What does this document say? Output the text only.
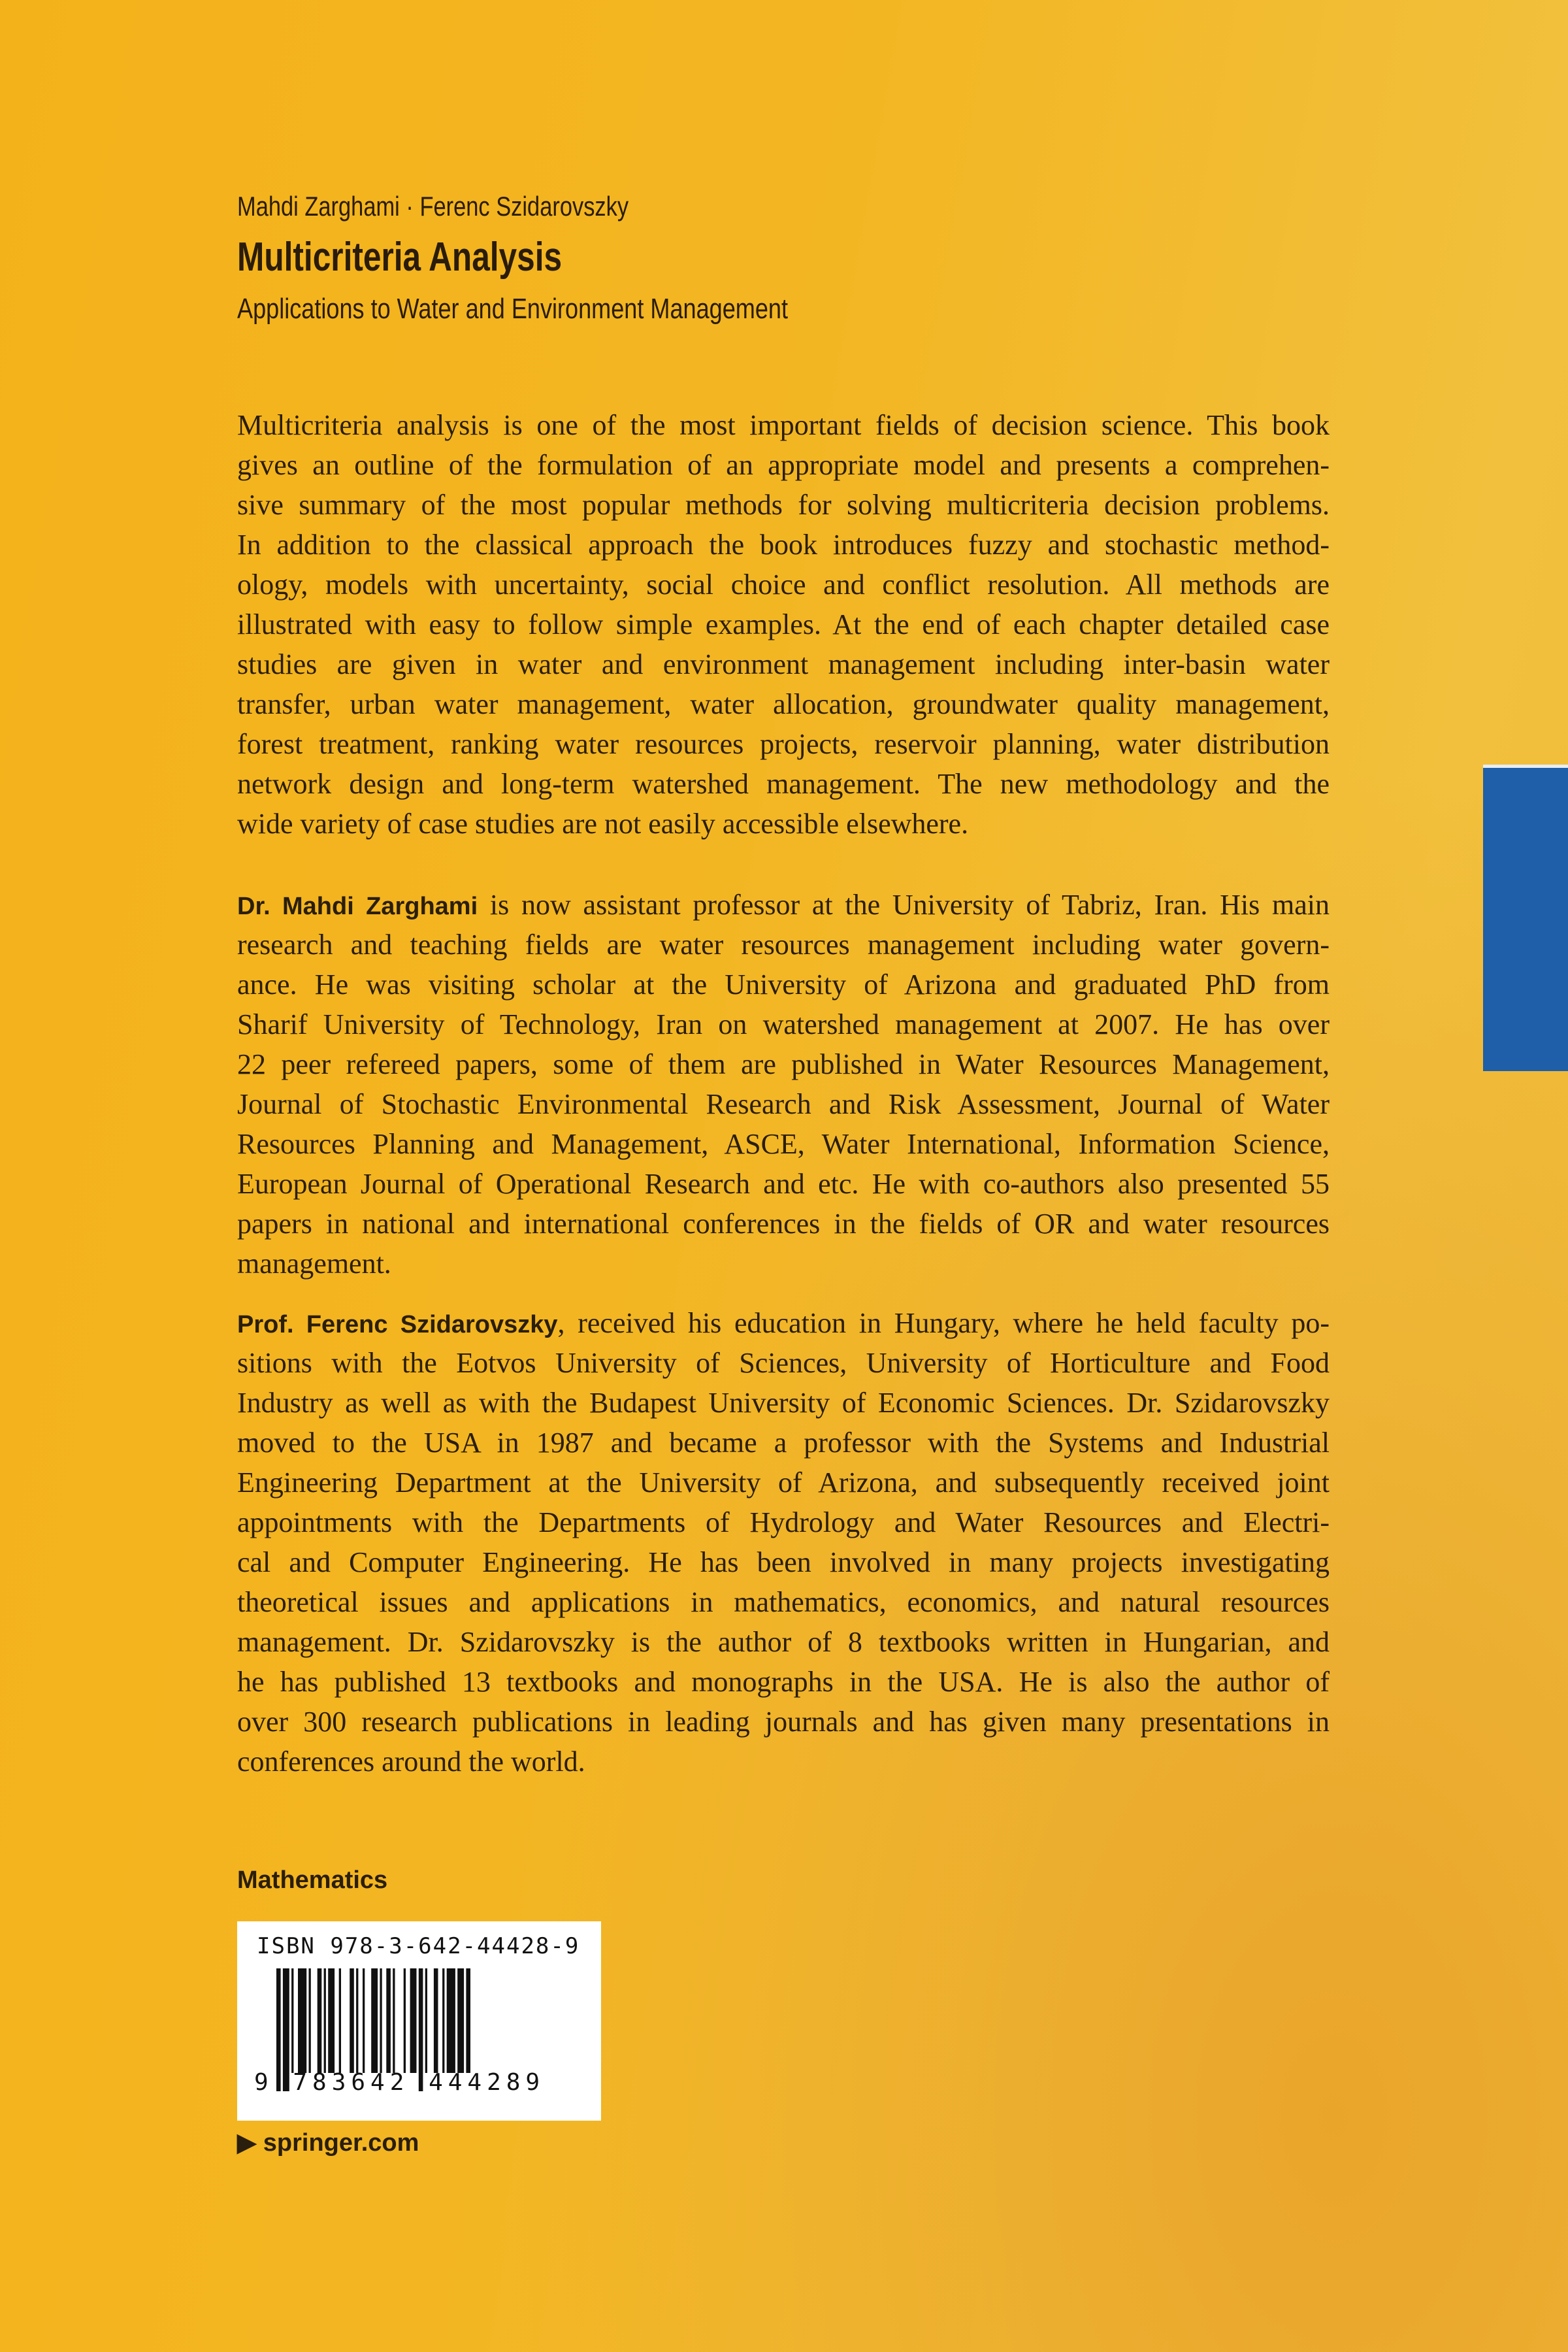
Mahdi Zarghami · Ferenc Szidarovszky
Multicriteria Analysis
Applications to Water and Environment Management
Multicriteria analysis is one of the most important fields of decision science. This book
gives an outline of the formulation of an appropriate model and presents a comprehen-
sive summary of the most popular methods for solving multicriteria decision problems.
In addition to the classical approach the book introduces fuzzy and stochastic method-
ology, models with uncertainty, social choice and conflict resolution. All methods are
illustrated with easy to follow simple examples. At the end of each chapter detailed case
studies are given in water and environment management including inter-basin water
transfer, urban water management, water allocation, groundwater quality management,
forest treatment, ranking water resources projects, reservoir planning, water distribution
network design and long-term watershed management. The new methodology and the
wide variety of case studies are not easily accessible elsewhere.
Dr. Mahdi Zarghami is now assistant professor at the University of Tabriz, Iran. His main
research and teaching fields are water resources management including water govern-
ance. He was visiting scholar at the University of Arizona and graduated PhD from
Sharif University of Technology, Iran on watershed management at 2007. He has over
22 peer refereed papers, some of them are published in Water Resources Management,
Journal of Stochastic Environmental Research and Risk Assessment, Journal of Water
Resources Planning and Management, ASCE, Water International, Information Science,
European Journal of Operational Research and etc. He with co-authors also presented 55
papers in national and international conferences in the fields of OR and water resources
management.
Prof. Ferenc Szidarovszky, received his education in Hungary, where he held faculty po-
sitions with the Eotvos University of Sciences, University of Horticulture and Food
Industry as well as with the Budapest University of Economic Sciences. Dr. Szidarovszky
moved to the USA in 1987 and became a professor with the Systems and Industrial
Engineering Department at the University of Arizona, and subsequently received joint
appointments with the Departments of Hydrology and Water Resources and Electri-
cal and Computer Engineering. He has been involved in many projects investigating
theoretical issues and applications in mathematics, economics, and natural resources
management. Dr. Szidarovszky is the author of 8 textbooks written in Hungarian, and
he has published 13 textbooks and monographs in the USA. He is also the author of
over 300 research publications in leading journals and has given many presentations in
conferences around the world.
Mathematics
ISBN 978-3-642-44428-9
9 783642 444289
▶ springer.com
